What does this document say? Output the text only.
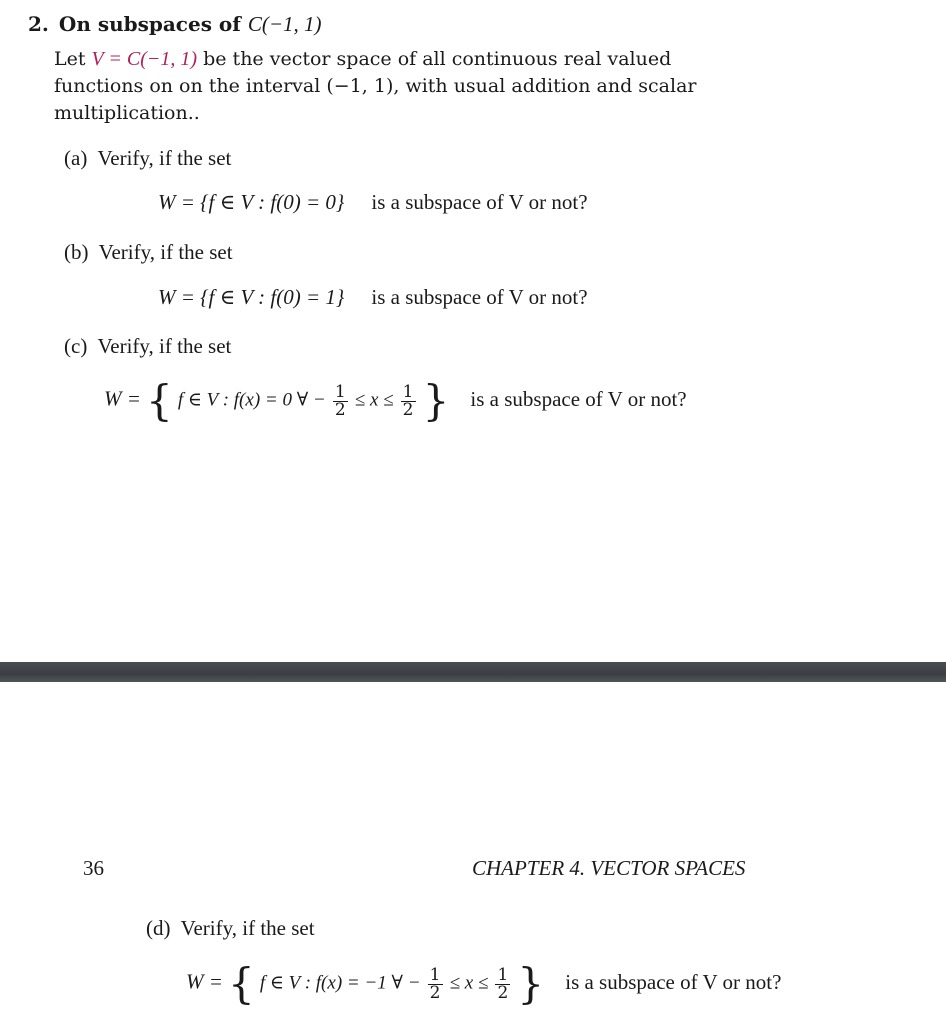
2. On subspaces of C(−1, 1)
Let V = C(−1, 1) be the vector space of all continuous real valued
functions on on the interval (−1, 1), with usual addition and scalar
multiplication..
(a) Verify, if the set
W = {f ∈ V : f(0) = 0} is a subspace of V or not?
(b) Verify, if the set
W = {f ∈ V : f(0) = 1} is a subspace of V or not?
(c) Verify, if the set
W = { f ∈ V : f(x) = 0 ∀ − $\frac{1}{2} \le x \le \frac{1}{2}$ } is a subspace of V or not?
36	CHAPTER 4. VECTOR SPACES
(d) Verify, if the set
W = { f ∈ V : f(x) = −1 ∀ − $\frac{1}{2} \le x \le \frac{1}{2}$ } is a subspace of V or not?
